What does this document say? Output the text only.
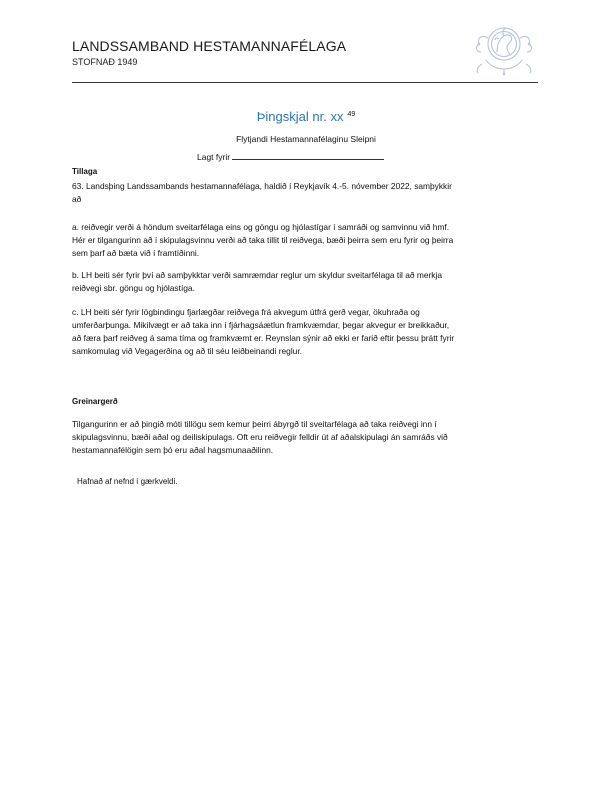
LANDSSAMBAND HESTAMANNAFÉLAGA
STOFNAÐ 1949
Þingskjal nr. xx $^{49}$
Flytjandi Hestamannafélaginu Sleipni
Lagt fyrir
Tillaga
63. Landsþing Landssambands hestamannafélaga, haldið í Reykjavík 4.-5. nóvember 2022, samþykkir
að
a. reiðvegir verði á höndum sveitarfélaga eins og göngu og hjólastígar í samráði og samvinnu við hmf.
Hér er tilgangurinn að í skipulagsvinnu verði að taka tillit til reiðvega, bæði þeirra sem eru fyrir og þeirra
sem þarf að bæta við í framtíðinni.
b. LH beiti sér fyrir því að samþykktar verði samræmdar reglur um skyldur sveitarfélaga til að merkja
reiðvegi sbr. göngu og hjólastíga.
c. LH beiti sér fyrir lögbindingu fjarlægðar reiðvega frá akvegum útfrá gerð vegar, ökuhraða og
umferðarþunga. Mikilvægt er að taka inn í fjárhagsáætlun framkvæmdar, þegar akvegur er breikkaður,
að færa þarf reiðveg á sama tíma og framkvæmt er. Reynslan sýnir að ekki er farið eftir þessu þrátt fyrir
samkomulag við Vegagerðina og að til séu leiðbeinandi reglur.
Greinargerð
Tilgangurinn er að þingið móti tillögu sem kemur þeirri ábyrgð til sveitarfélaga að taka reiðvegi inn í
skipulagsvinnu, bæði aðal og deiliskipulags. Oft eru reiðvegir felldir út af aðalskipulagi án samráðs við
hestamannafélögin sem þó eru aðal hagsmunaaðilinn.
Hafnað af nefnd í gærkveldi.
